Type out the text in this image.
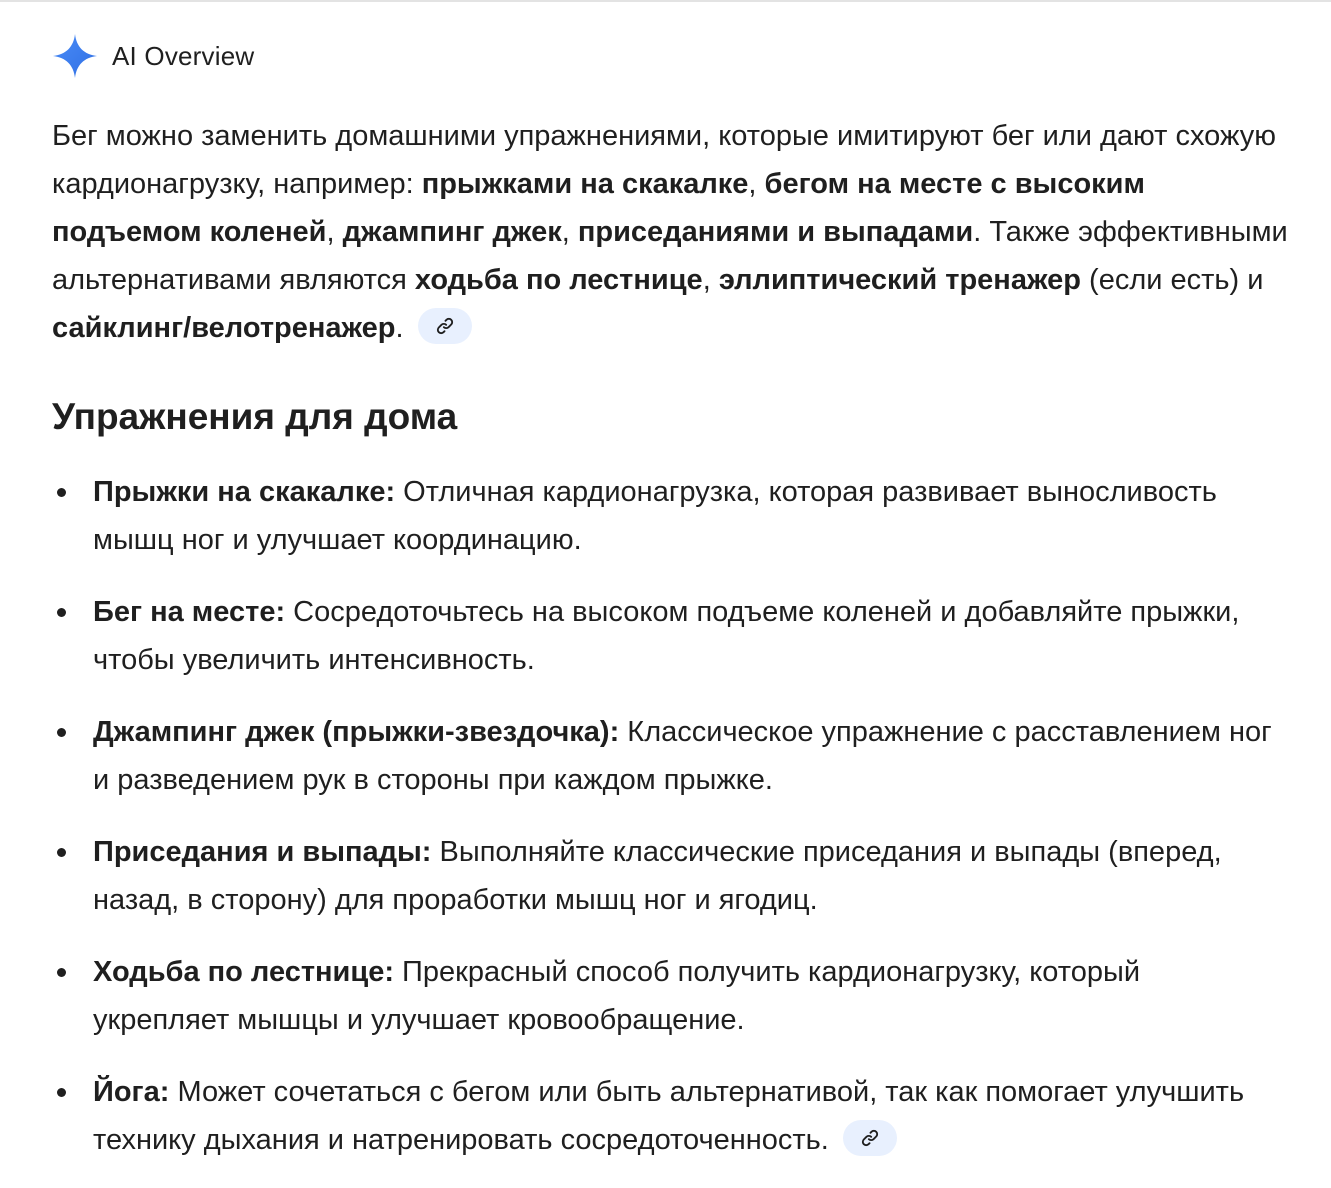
AI Overview

Бег можно заменить домашними упражнениями, которые имитируют бег или дают схожую кардионагрузку, например: прыжками на скакалке, бегом на месте с высоким подъемом коленей, джампинг джек, приседаниями и выпадами. Также эффективными альтернативами являются ходьба по лестнице, эллиптический тренажер (если есть) и сайклинг/велотренажер.

Упражнения для дома
Прыжки на скакалке: Отличная кардионагрузка, которая развивает выносливость мышц ног и улучшает координацию.
Бег на месте: Сосредоточьтесь на высоком подъеме коленей и добавляйте прыжки, чтобы увеличить интенсивность.
Джампинг джек (прыжки-звездочка): Классическое упражнение с расставлением ног и разведением рук в стороны при каждом прыжке.
Приседания и выпады: Выполняйте классические приседания и выпады (вперед, назад, в сторону) для проработки мышц ног и ягодиц.
Ходьба по лестнице: Прекрасный способ получить кардионагрузку, который укрепляет мышцы и улучшает кровообращение.
Йога: Может сочетаться с бегом или быть альтернативой, так как помогает улучшить технику дыхания и натренировать сосредоточенность.
